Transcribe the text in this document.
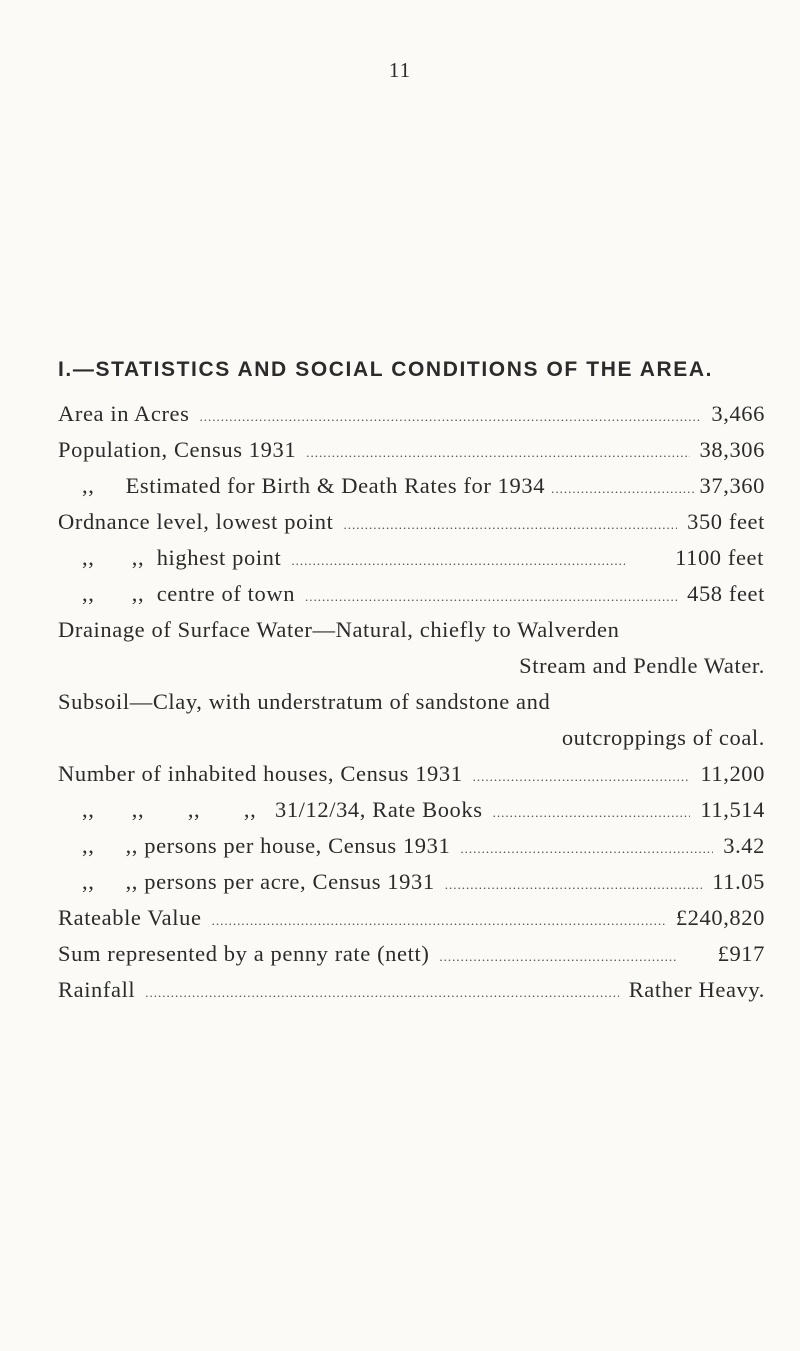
11
I.—STATISTICS AND SOCIAL CONDITIONS OF THE AREA.
Area in Acres .....	3,466
Population, Census 1931 .....	38,306
,,     Estimated for Birth & Death Rates for 1934 .....	37,360
Ordnance level, lowest point .....	350 feet
,,      ,,  highest point .....	1100 feet
,,      ,,  centre of town .....	458 feet
Drainage of Surface Water—Natural, chiefly to Walverden
Stream and Pendle Water.
Subsoil—Clay, with understratum of sandstone and
outcroppings of coal.
Number of inhabited houses, Census 1931 .....	11,200
,,      ,,       ,,       ,,   31/12/34, Rate Books .....	11,514
,,     ,, persons per house, Census 1931 .....	3.42
,,     ,, persons per acre, Census 1931 .....	11.05
Rateable Value .....	£240,820
Sum represented by a penny rate (nett) .....	£917
Rainfall .....	Rather Heavy.
